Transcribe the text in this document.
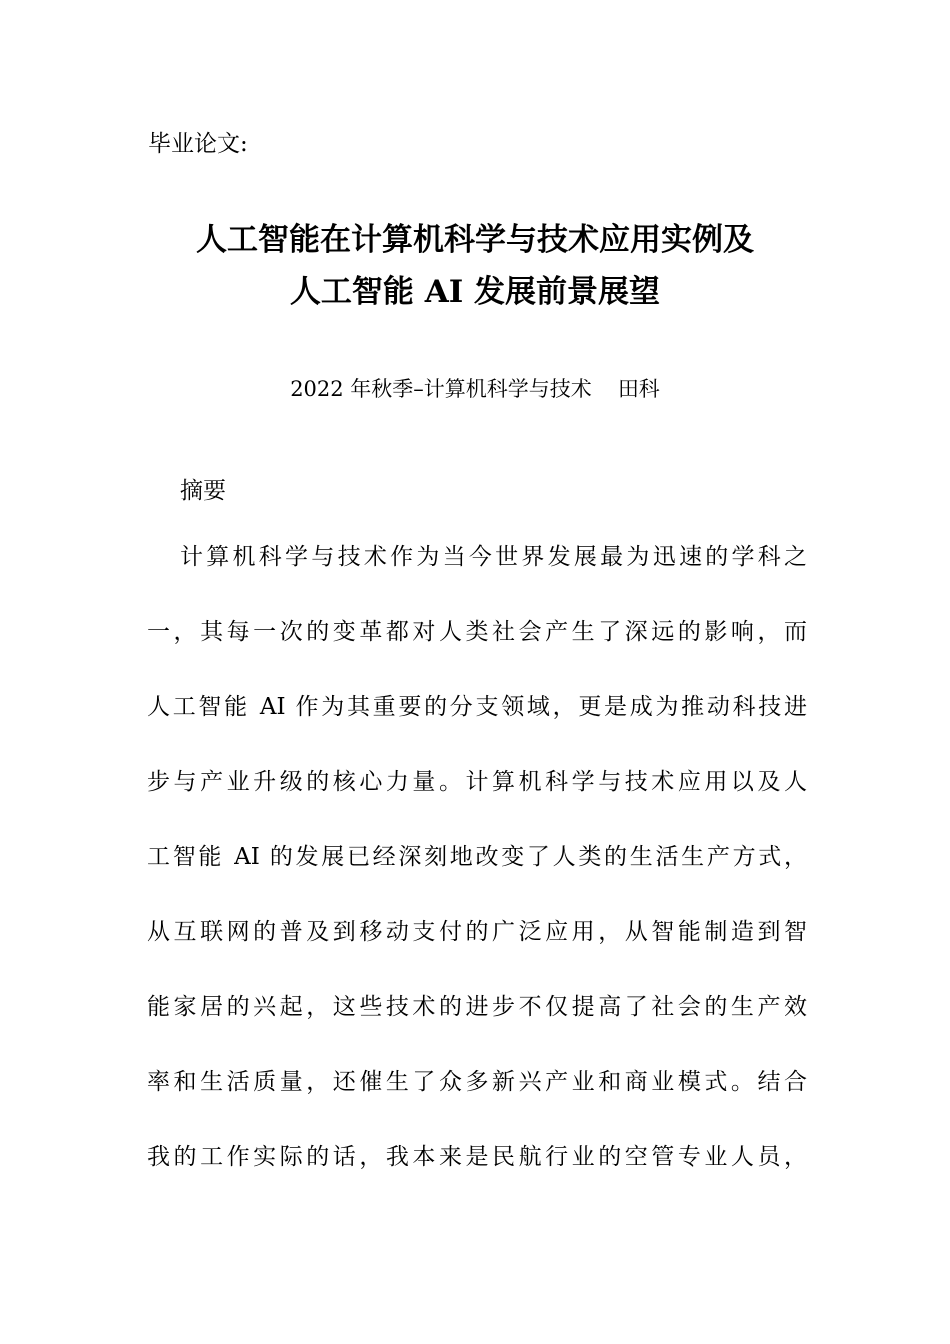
毕业论文:
人工智能在计算机科学与技术应用实例及
人工智能 AI 发展前景展望
2022 年秋季–计算机科学与技术 田科
摘要
计算机科学与技术作为当今世界发展最为迅速的学科之
一，其每一次的变革都对人类社会产生了深远的影响，而
人工智能 AI 作为其重要的分支领域，更是成为推动科技进
步与产业升级的核心力量。计算机科学与技术应用以及人
工智能 AI 的发展已经深刻地改变了人类的生活生产方式，
从互联网的普及到移动支付的广泛应用，从智能制造到智
能家居的兴起，这些技术的进步不仅提高了社会的生产效
率和生活质量，还催生了众多新兴产业和商业模式。结合
我的工作实际的话，我本来是民航行业的空管专业人员，
